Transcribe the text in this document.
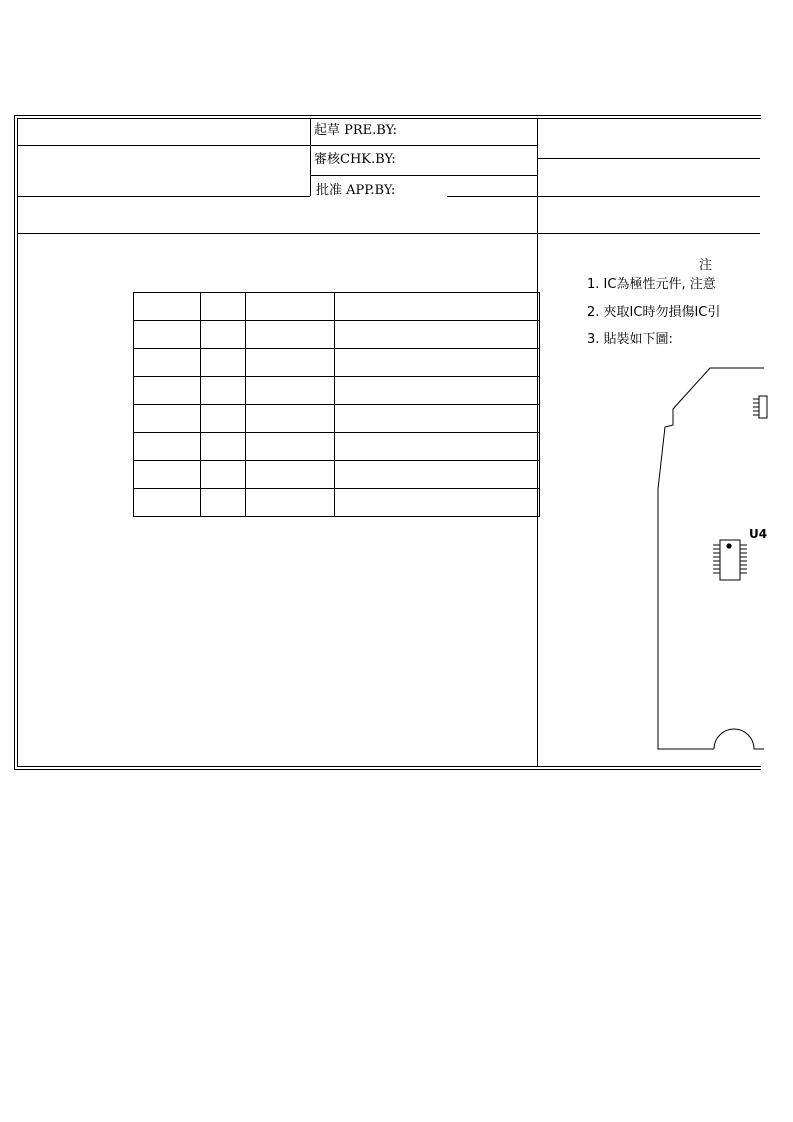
起草 PRE.BY:
審核CHK.BY:
批准 APP.BY:

注
1. IC為極性元件, 注意
2. 夾取IC時勿損傷IC引
3. 貼裝如下圖:
U4
